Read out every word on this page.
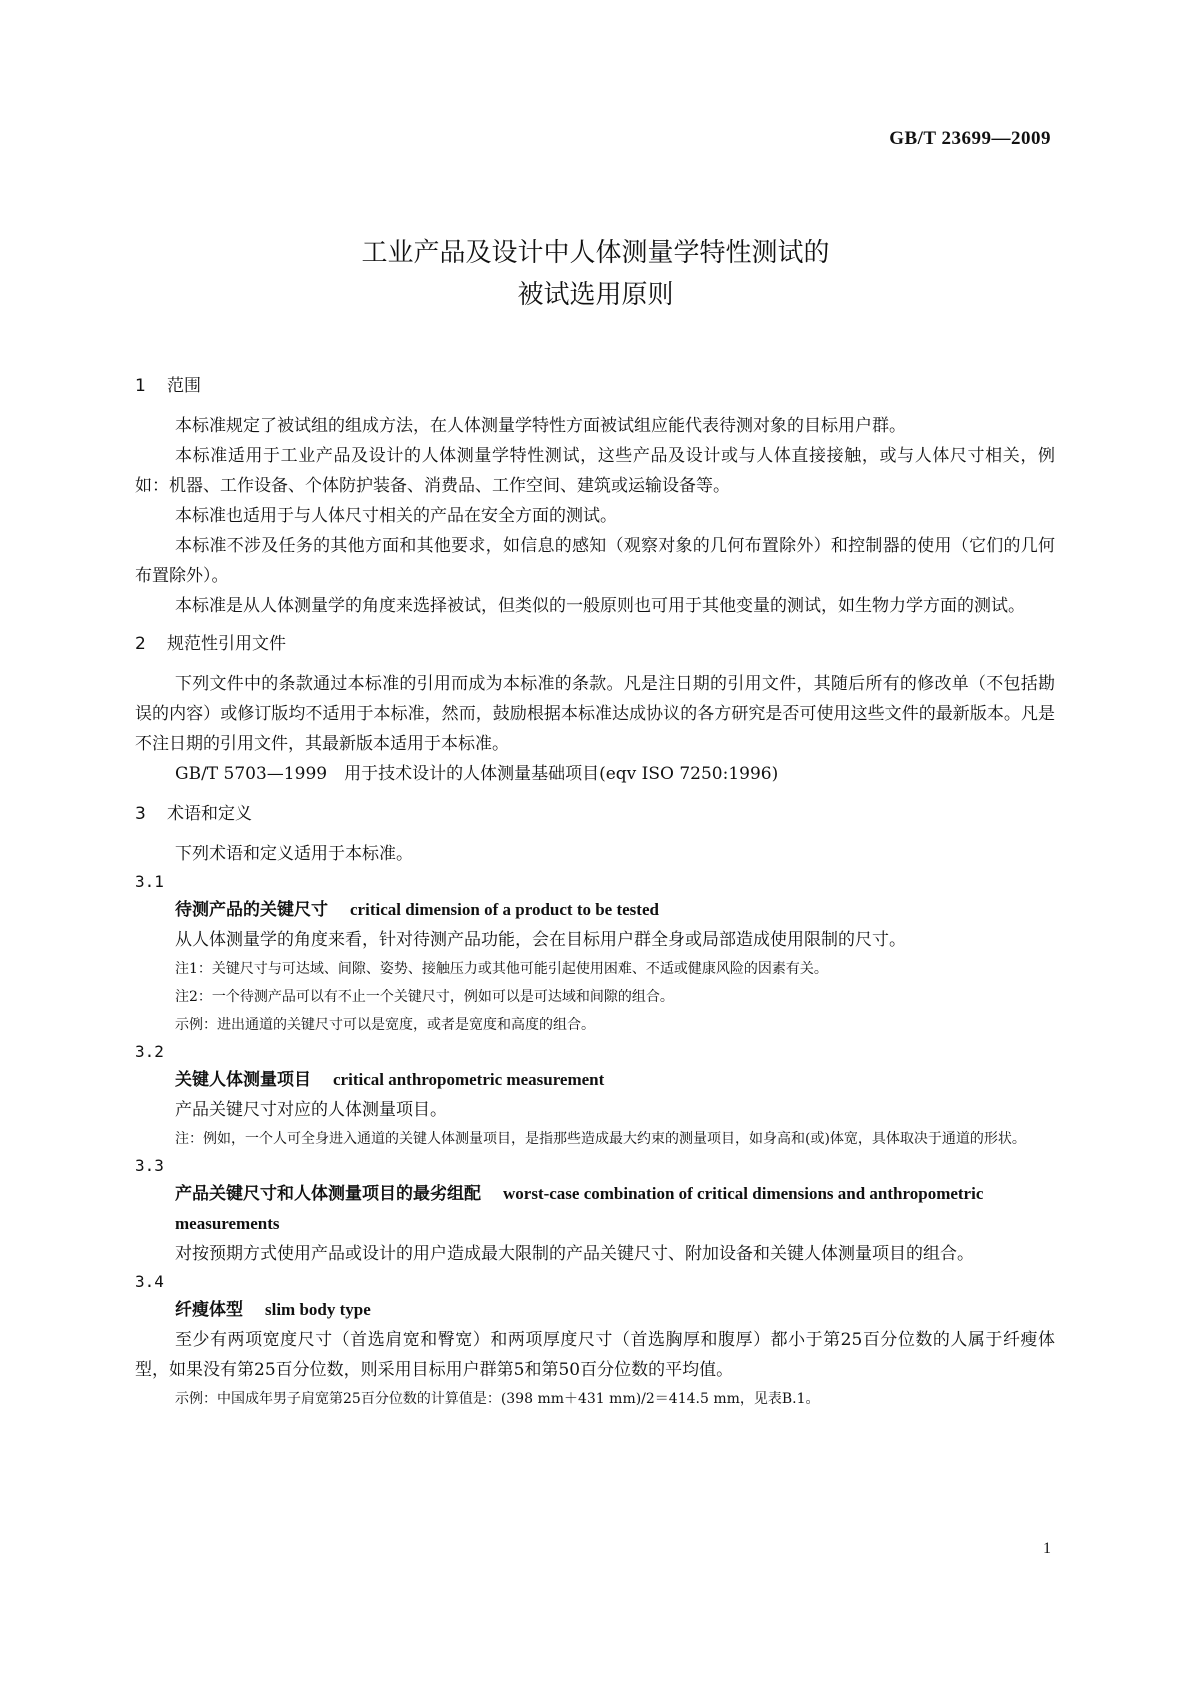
GB/T 23699—2009
工业产品及设计中人体测量学特性测试的
被试选用原则
1 范围

本标准规定了被试组的组成方法，在人体测量学特性方面被试组应能代表待测对象的目标用户群。

本标准适用于工业产品及设计的人体测量学特性测试，这些产品及设计或与人体直接接触，或与人体尺寸相关，例如：机器、工作设备、个体防护装备、消费品、工作空间、建筑或运输设备等。

本标准也适用于与人体尺寸相关的产品在安全方面的测试。

本标准不涉及任务的其他方面和其他要求，如信息的感知（观察对象的几何布置除外）和控制器的使用（它们的几何布置除外）。

本标准是从人体测量学的角度来选择被试，但类似的一般原则也可用于其他变量的测试，如生物力学方面的测试。

2 规范性引用文件

下列文件中的条款通过本标准的引用而成为本标准的条款。凡是注日期的引用文件，其随后所有的修改单（不包括勘误的内容）或修订版均不适用于本标准，然而，鼓励根据本标准达成协议的各方研究是否可使用这些文件的最新版本。凡是不注日期的引用文件，其最新版本适用于本标准。

GB/T 5703—1999　用于技术设计的人体测量基础项目(eqv ISO 7250:1996)

3 术语和定义

下列术语和定义适用于本标准。

3.1

待测产品的关键尺寸 critical dimension of a product to be tested

从人体测量学的角度来看，针对待测产品功能，会在目标用户群全身或局部造成使用限制的尺寸。

注1：关键尺寸与可达域、间隙、姿势、接触压力或其他可能引起使用困难、不适或健康风险的因素有关。

注2：一个待测产品可以有不止一个关键尺寸，例如可以是可达域和间隙的组合。

示例：进出通道的关键尺寸可以是宽度，或者是宽度和高度的组合。

3.2

关键人体测量项目 critical anthropometric measurement

产品关键尺寸对应的人体测量项目。

注：例如，一个人可全身进入通道的关键人体测量项目，是指那些造成最大约束的测量项目，如身高和(或)体宽，具体取决于通道的形状。

3.3

产品关键尺寸和人体测量项目的最劣组配 worst-case combination of critical dimensions and anthropometric measurements

对按预期方式使用产品或设计的用户造成最大限制的产品关键尺寸、附加设备和关键人体测量项目的组合。

3.4

纤瘦体型 slim body type

至少有两项宽度尺寸（首选肩宽和臀宽）和两项厚度尺寸（首选胸厚和腹厚）都小于第25百分位数的人属于纤瘦体型，如果没有第25百分位数，则采用目标用户群第5和第50百分位数的平均值。

示例：中国成年男子肩宽第25百分位数的计算值是：(398 mm＋431 mm)/2＝414.5 mm，见表B.1。

1
